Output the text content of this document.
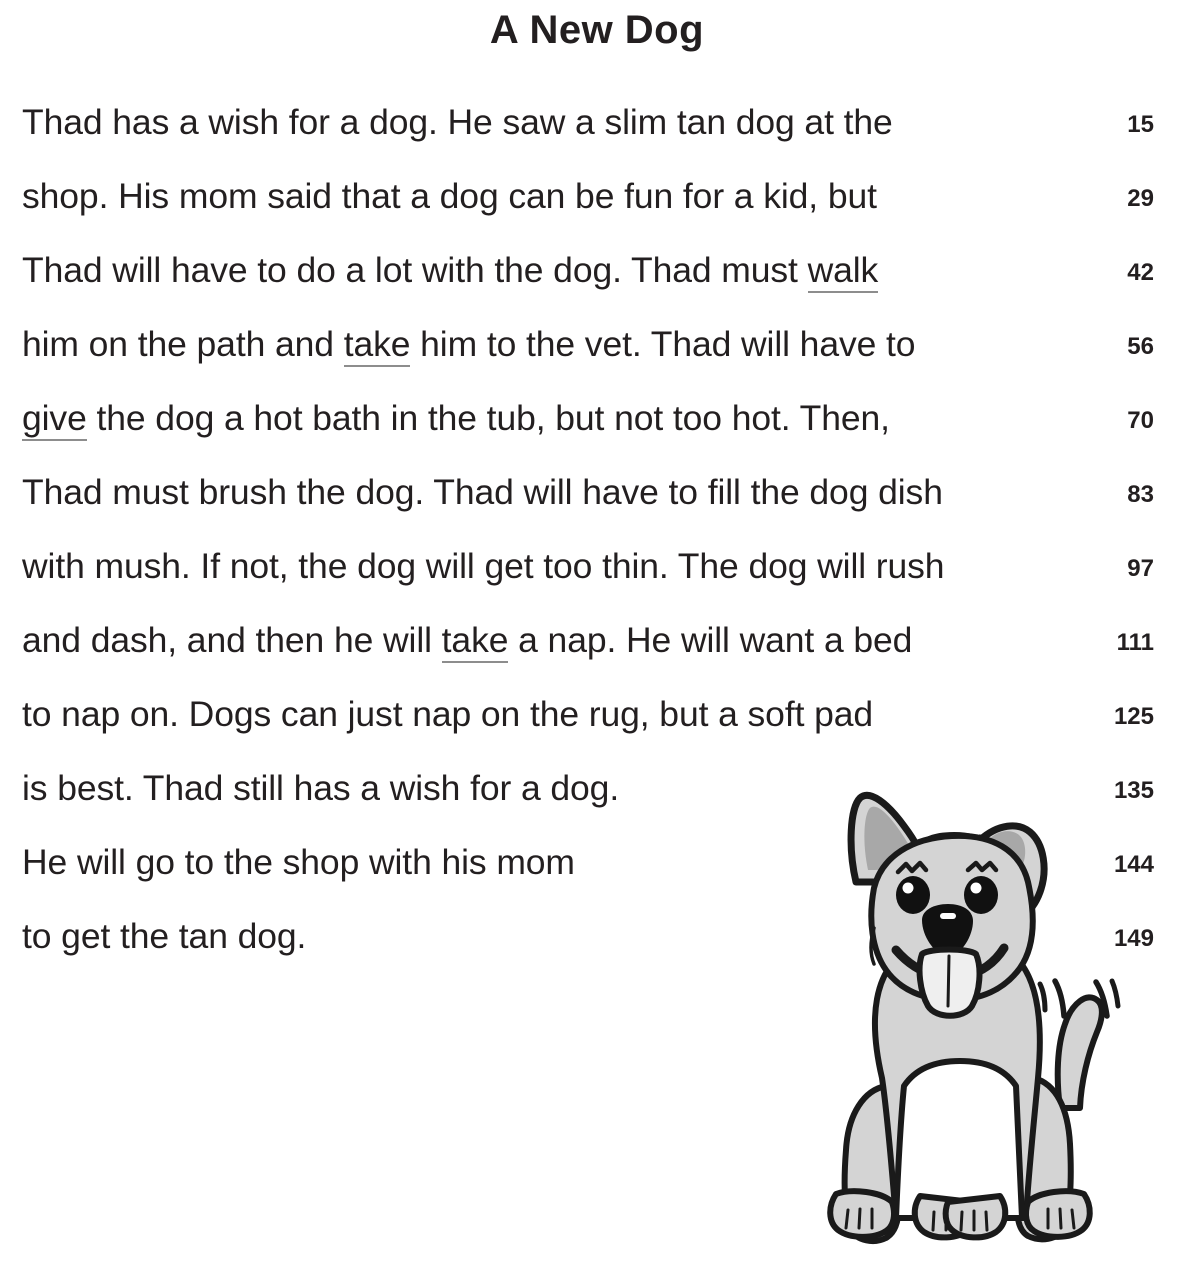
A New Dog
Thad has a wish for a dog. He saw a slim tan dog at the	15
shop. His mom said that a dog can be fun for a kid, but	29
Thad will have to do a lot with the dog. Thad must walk	42
him on the path and take him to the vet. Thad will have to	56
give the dog a hot bath in the tub, but not too hot. Then,	70
Thad must brush the dog. Thad will have to fill the dog dish	83
with mush. If not, the dog will get too thin. The dog will rush	97
and dash, and then he will take a nap. He will want a bed	111
to nap on. Dogs can just nap on the rug, but a soft pad	125
is best. Thad still has a wish for a dog.	135
He will go to the shop with his mom	144
to get the tan dog.	149
